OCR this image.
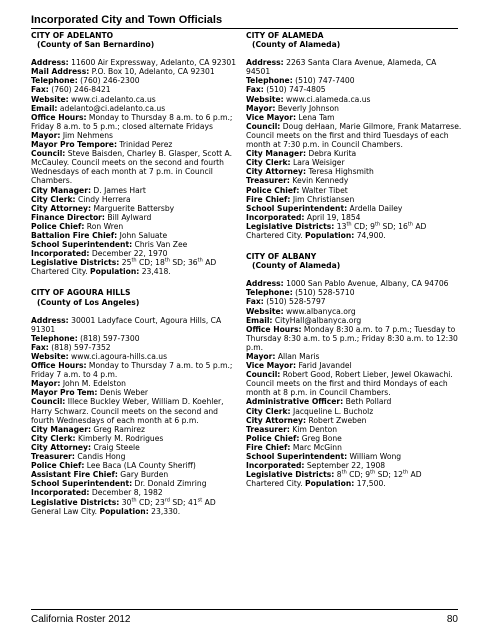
Incorporated City and Town Officials
CITY OF ADELANTO
(County of San Bernardino)
Address: 11600 Air Expressway, Adelanto, CA 92301
Mail Address: P.O. Box 10, Adelanto, CA 92301
Telephone: (760) 246-2300
Fax: (760) 246-8421
Website: www.ci.adelanto.ca.us
Email: adelanto@ci.adelanto.ca.us
Office Hours: Monday to Thursday 8 a.m. to 6 p.m.; Friday 8 a.m. to 5 p.m.; closed alternate Fridays
Mayor: Jim Nehmens
Mayor Pro Tempore: Trinidad Perez
Council: Steve Baisden, Charley B. Glasper, Scott A. McCauley. Council meets on the second and fourth Wednesdays of each month at 7 p.m. in Council Chambers.
City Manager: D. James Hart
City Clerk: Cindy Herrera
City Attorney: Marguerite Battersby
Finance Director: Bill Aylward
Police Chief: Ron Wren
Battalion Fire Chief: John Saluate
School Superintendent: Chris Van Zee
Incorporated: December 22, 1970
Legislative Districts: 25th CD; 18th SD; 36th AD
Chartered City. Population: 23,418.
CITY OF AGOURA HILLS
(County of Los Angeles)
Address: 30001 Ladyface Court, Agoura Hills, CA 91301
Telephone: (818) 597-7300
Fax: (818) 597-7352
Website: www.ci.agoura-hills.ca.us
Office Hours: Monday to Thursday 7 a.m. to 5 p.m.; Friday 7 a.m. to 4 p.m.
Mayor: John M. Edelston
Mayor Pro Tem: Denis Weber
Council: Illece Buckley Weber, William D. Koehler, Harry Schwarz. Council meets on the second and fourth Wednesdays of each month at 6 p.m.
City Manager: Greg Ramirez
City Clerk: Kimberly M. Rodrigues
City Attorney: Craig Steele
Treasurer: Candis Hong
Police Chief: Lee Baca (LA County Sheriff)
Assistant Fire Chief: Gary Burden
School Superintendent: Dr. Donald Zimring
Incorporated: December 8, 1982
Legislative Districts: 30th CD; 23rd SD; 41st AD
General Law City. Population: 23,330.
CITY OF ALAMEDA
(County of Alameda)
Address: 2263 Santa Clara Avenue, Alameda, CA 94501
Telephone: (510) 747-7400
Fax: (510) 747-4805
Website: www.ci.alameda.ca.us
Mayor: Beverly Johnson
Vice Mayor: Lena Tam
Council: Doug deHaan, Marie Gilmore, Frank Matarrese. Council meets on the first and third Tuesdays of each month at 7:30 p.m. in Council Chambers.
City Manager: Debra Kurita
City Clerk: Lara Weisiger
City Attorney: Teresa Highsmith
Treasurer: Kevin Kennedy
Police Chief: Walter Tibet
Fire Chief: Jim Christiansen
School Superintendent: Ardella Dailey
Incorporated: April 19, 1854
Legislative Districts: 13th CD; 9th SD; 16th AD
Chartered City. Population: 74,900.
CITY OF ALBANY
(County of Alameda)
Address: 1000 San Pablo Avenue, Albany, CA 94706
Telephone: (510) 528-5710
Fax: (510) 528-5797
Website: www.albanyca.org
Email: CityHall@albanyca.org
Office Hours: Monday 8:30 a.m. to 7 p.m.; Tuesday to Thursday 8:30 a.m. to 5 p.m.; Friday 8:30 a.m. to 12:30 p.m.
Mayor: Allan Maris
Vice Mayor: Farid Javandel
Council: Robert Good, Robert Lieber, Jewel Okawachi. Council meets on the first and third Mondays of each month at 8 p.m. in Council Chambers.
Administrative Officer: Beth Pollard
City Clerk: Jacqueline L. Bucholz
City Attorney: Robert Zweben
Treasurer: Kim Denton
Police Chief: Greg Bone
Fire Chief: Marc McGinn
School Superintendent: William Wong
Incorporated: September 22, 1908
Legislative Districts: 8th CD; 9th SD; 12th AD
Chartered City. Population: 17,500.
California Roster 2012	80
